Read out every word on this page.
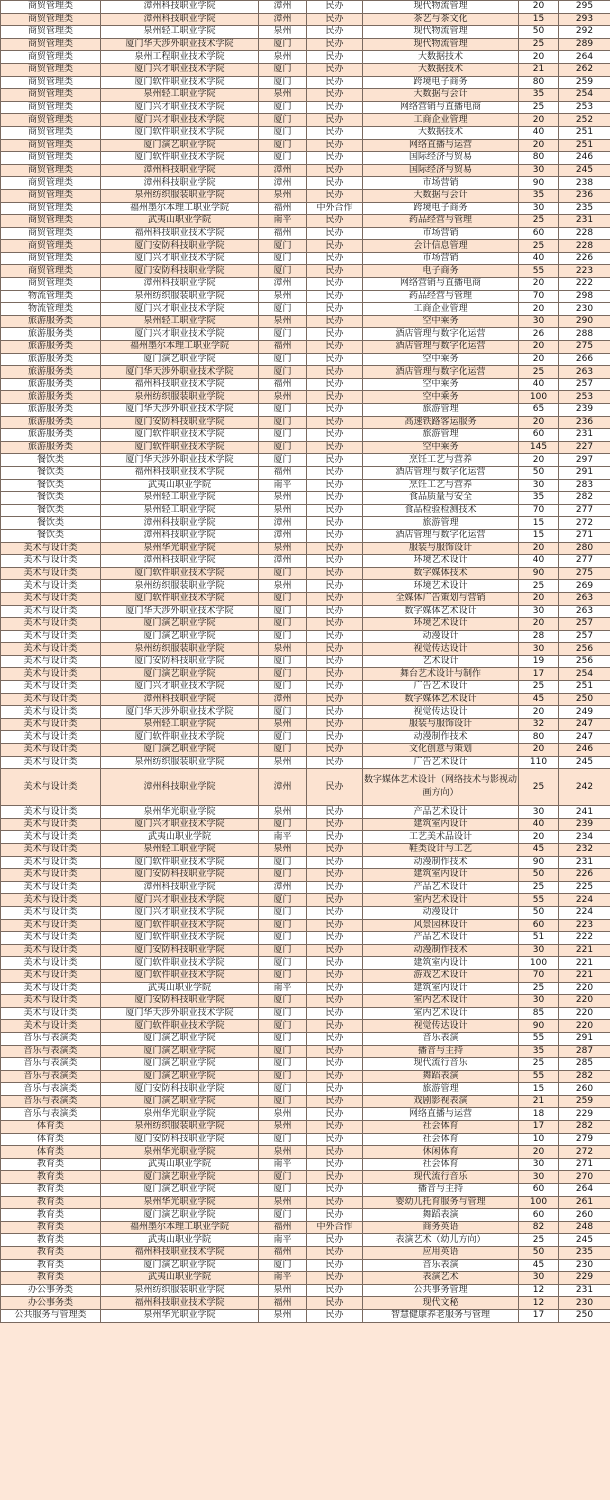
商贸管理类	漳州科技职业学院	漳州	民办	现代物流管理	20	295
商贸管理类	漳州科技职业学院	漳州	民办	茶艺与茶文化	15	293
商贸管理类	泉州轻工职业学院	泉州	民办	现代物流管理	50	292
商贸管理类	厦门华天涉外职业技术学院	厦门	民办	现代物流管理	25	289
商贸管理类	泉州工程职业技术学院	泉州	民办	大数据技术	20	264
商贸管理类	厦门兴才职业技术学院	厦门	民办	大数据技术	21	262
商贸管理类	厦门软件职业技术学院	厦门	民办	跨境电子商务	80	259
商贸管理类	泉州轻工职业学院	泉州	民办	大数据与会计	35	254
商贸管理类	厦门兴才职业技术学院	厦门	民办	网络营销与直播电商	25	253
商贸管理类	厦门兴才职业技术学院	厦门	民办	工商企业管理	20	252
商贸管理类	厦门软件职业技术学院	厦门	民办	大数据技术	40	251
商贸管理类	厦门演艺职业学院	厦门	民办	网络直播与运营	20	251
商贸管理类	厦门软件职业技术学院	厦门	民办	国际经济与贸易	80	246
商贸管理类	漳州科技职业学院	漳州	民办	国际经济与贸易	30	245
商贸管理类	漳州科技职业学院	漳州	民办	市场营销	90	238
商贸管理类	泉州纺织服装职业学院	泉州	民办	大数据与会计	35	236
商贸管理类	福州墨尔本理工职业学院	福州	中外合作	跨境电子商务	30	235
商贸管理类	武夷山职业学院	南平	民办	药品经营与管理	25	231
商贸管理类	福州科技职业技术学院	福州	民办	市场营销	60	228
商贸管理类	厦门安防科技职业学院	厦门	民办	会计信息管理	25	228
商贸管理类	厦门兴才职业技术学院	厦门	民办	市场营销	40	226
商贸管理类	厦门安防科技职业学院	厦门	民办	电子商务	55	223
商贸管理类	漳州科技职业学院	漳州	民办	网络营销与直播电商	20	222
物流管理类	泉州纺织服装职业学院	泉州	民办	药品经营与管理	70	298
物流管理类	厦门兴才职业技术学院	厦门	民办	工商企业管理	20	230
旅游服务类	泉州轻工职业学院	泉州	民办	空中乘务	30	290
旅游服务类	厦门兴才职业技术学院	厦门	民办	酒店管理与数字化运营	26	288
旅游服务类	福州墨尔本理工职业学院	福州	民办	酒店管理与数字化运营	20	275
旅游服务类	厦门演艺职业学院	厦门	民办	空中乘务	20	266
旅游服务类	厦门华天涉外职业技术学院	厦门	民办	酒店管理与数字化运营	25	263
旅游服务类	福州科技职业技术学院	福州	民办	空中乘务	40	257
旅游服务类	泉州纺织服装职业学院	泉州	民办	空中乘务	100	253
旅游服务类	厦门华天涉外职业技术学院	厦门	民办	旅游管理	65	239
旅游服务类	厦门安防科技职业学院	厦门	民办	高速铁路客运服务	20	236
旅游服务类	厦门软件职业技术学院	厦门	民办	旅游管理	60	231
旅游服务类	厦门软件职业技术学院	厦门	民办	空中乘务	145	227
餐饮类	厦门华天涉外职业技术学院	厦门	民办	烹饪工艺与营养	20	297
餐饮类	福州科技职业技术学院	福州	民办	酒店管理与数字化运营	50	291
餐饮类	武夷山职业学院	南平	民办	烹饪工艺与营养	30	283
餐饮类	泉州轻工职业学院	泉州	民办	食品质量与安全	35	282
餐饮类	泉州轻工职业学院	泉州	民办	食品检验检测技术	70	277
餐饮类	漳州科技职业学院	漳州	民办	旅游管理	15	272
餐饮类	漳州科技职业学院	漳州	民办	酒店管理与数字化运营	15	271
美术与设计类	泉州华光职业学院	泉州	民办	服装与服饰设计	20	280
美术与设计类	漳州科技职业学院	漳州	民办	环境艺术设计	40	277
美术与设计类	厦门软件职业技术学院	厦门	民办	数字媒体技术	90	275
美术与设计类	泉州纺织服装职业学院	泉州	民办	环境艺术设计	25	269
美术与设计类	厦门软件职业技术学院	厦门	民办	全媒体广告策划与营销	20	263
美术与设计类	厦门华天涉外职业技术学院	厦门	民办	数字媒体艺术设计	30	263
美术与设计类	厦门演艺职业学院	厦门	民办	环境艺术设计	20	257
美术与设计类	厦门演艺职业学院	厦门	民办	动漫设计	28	257
美术与设计类	泉州纺织服装职业学院	泉州	民办	视觉传达设计	30	256
美术与设计类	厦门安防科技职业学院	厦门	民办	艺术设计	19	256
美术与设计类	厦门演艺职业学院	厦门	民办	舞台艺术设计与制作	17	254
美术与设计类	厦门兴才职业技术学院	厦门	民办	广告艺术设计	25	251
美术与设计类	漳州科技职业学院	漳州	民办	数字媒体艺术设计	45	250
美术与设计类	厦门华天涉外职业技术学院	厦门	民办	视觉传达设计	20	249
美术与设计类	泉州轻工职业学院	泉州	民办	服装与服饰设计	32	247
美术与设计类	厦门软件职业技术学院	厦门	民办	动漫制作技术	80	247
美术与设计类	厦门演艺职业学院	厦门	民办	文化创意与策划	20	246
美术与设计类	泉州纺织服装职业学院	泉州	民办	广告艺术设计	110	245
美术与设计类	漳州科技职业学院	漳州	民办	数字媒体艺术设计（网络技术与影视动画方向）	25	242
美术与设计类	泉州华光职业学院	泉州	民办	产品艺术设计	30	241
美术与设计类	厦门兴才职业技术学院	厦门	民办	建筑室内设计	40	239
美术与设计类	武夷山职业学院	南平	民办	工艺美术品设计	20	234
美术与设计类	泉州轻工职业学院	泉州	民办	鞋类设计与工艺	45	232
美术与设计类	厦门软件职业技术学院	厦门	民办	动漫制作技术	90	231
美术与设计类	厦门安防科技职业学院	厦门	民办	建筑室内设计	50	226
美术与设计类	漳州科技职业学院	漳州	民办	产品艺术设计	25	225
美术与设计类	厦门兴才职业技术学院	厦门	民办	室内艺术设计	55	224
美术与设计类	厦门兴才职业技术学院	厦门	民办	动漫设计	50	224
美术与设计类	厦门软件职业技术学院	厦门	民办	风景园林设计	60	223
美术与设计类	厦门软件职业技术学院	厦门	民办	产品艺术设计	51	222
美术与设计类	厦门安防科技职业学院	厦门	民办	动漫制作技术	30	221
美术与设计类	厦门软件职业技术学院	厦门	民办	建筑室内设计	100	221
美术与设计类	厦门软件职业技术学院	厦门	民办	游戏艺术设计	70	221
美术与设计类	武夷山职业学院	南平	民办	建筑室内设计	25	220
美术与设计类	厦门安防科技职业学院	厦门	民办	室内艺术设计	30	220
美术与设计类	厦门华天涉外职业技术学院	厦门	民办	室内艺术设计	85	220
美术与设计类	厦门软件职业技术学院	厦门	民办	视觉传达设计	90	220
音乐与表演类	厦门演艺职业学院	厦门	民办	音乐表演	55	291
音乐与表演类	厦门演艺职业学院	厦门	民办	播音与主持	35	287
音乐与表演类	厦门演艺职业学院	厦门	民办	现代流行音乐	25	285
音乐与表演类	厦门演艺职业学院	厦门	民办	舞蹈表演	55	282
音乐与表演类	厦门安防科技职业学院	厦门	民办	旅游管理	15	260
音乐与表演类	厦门演艺职业学院	厦门	民办	戏剧影视表演	21	259
音乐与表演类	泉州华光职业学院	泉州	民办	网络直播与运营	18	229
体育类	泉州纺织服装职业学院	泉州	民办	社会体育	17	282
体育类	厦门安防科技职业学院	厦门	民办	社会体育	10	279
体育类	泉州华光职业学院	泉州	民办	休闲体育	20	272
教育类	武夷山职业学院	南平	民办	社会体育	30	271
教育类	厦门演艺职业学院	厦门	民办	现代流行音乐	30	270
教育类	厦门演艺职业学院	厦门	民办	播音与主持	60	264
教育类	泉州华光职业学院	泉州	民办	婴幼儿托育服务与管理	100	261
教育类	厦门演艺职业学院	厦门	民办	舞蹈表演	60	260
教育类	福州墨尔本理工职业学院	福州	中外合作	商务英语	82	248
教育类	武夷山职业学院	南平	民办	表演艺术（幼儿方向）	25	245
教育类	福州科技职业技术学院	福州	民办	应用英语	50	235
教育类	厦门演艺职业学院	厦门	民办	音乐表演	45	230
教育类	武夷山职业学院	南平	民办	表演艺术	30	229
办公事务类	泉州纺织服装职业学院	泉州	民办	公共事务管理	12	231
办公事务类	福州科技职业技术学院	福州	民办	现代文秘	12	230
公共服务与管理类	泉州华光职业学院	泉州	民办	智慧健康养老服务与管理	17	250
